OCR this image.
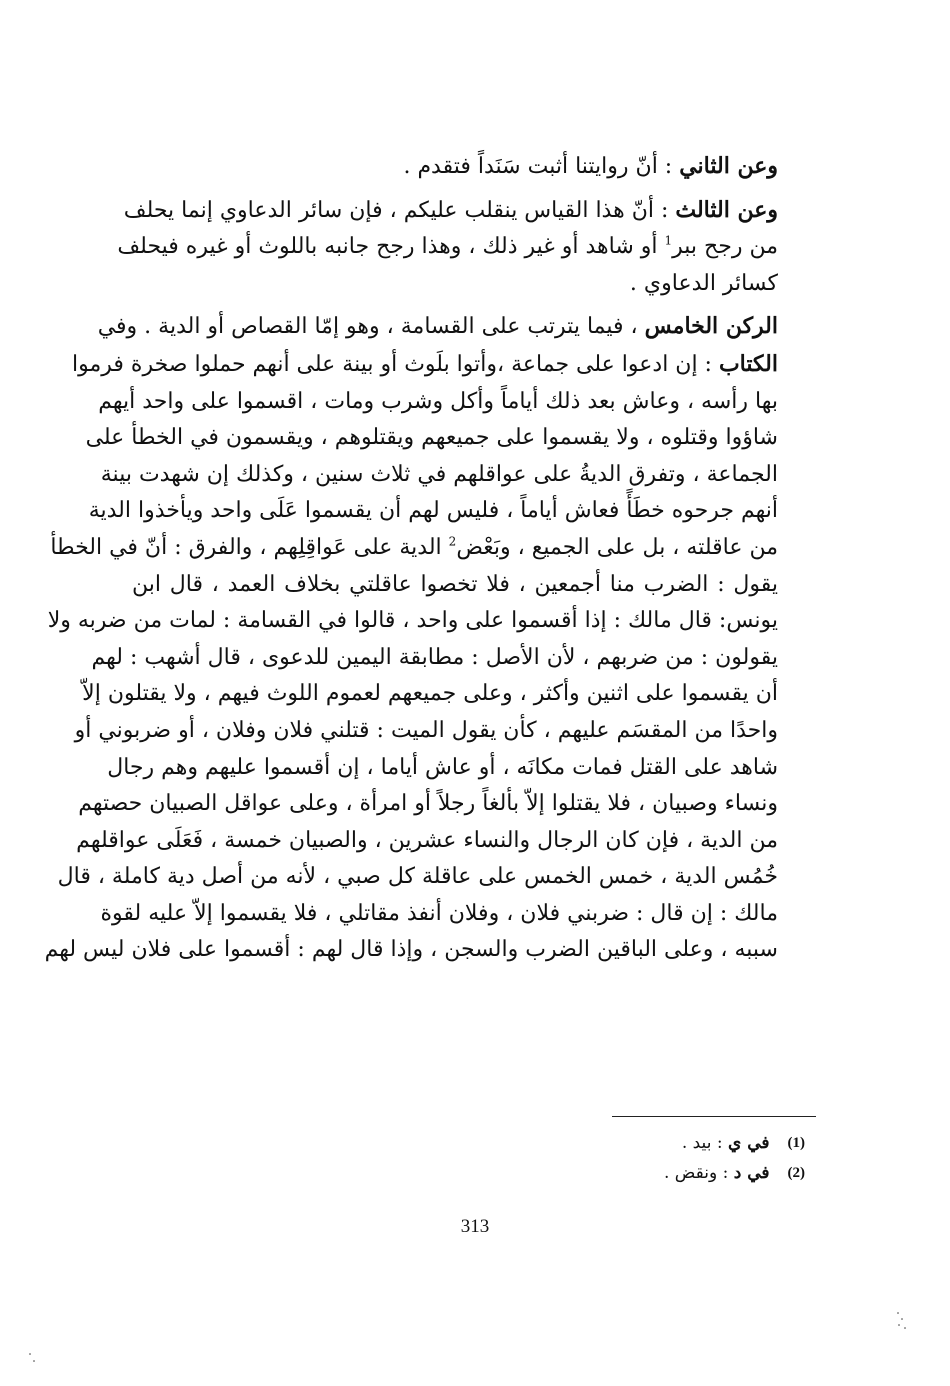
وعن الثاني : أنّ روايتنا أثبت سَنَداً فتقدم .

وعن الثالث : أنّ هذا القياس ينقلب عليكم ، فإن سائر الدعاوي إنما يحلف
من رجح ببر$^1$ أو شاهد أو غير ذلك ، وهذا رجح جانبه باللوث أو غيره فيحلف
كسائر الدعاوي .

الركن الخامس ، فيما يترتب على القسامة ، وهو إمّا القصاص أو الدية . وفي
الكتاب : إن ادعوا على جماعة ،وأتوا بلَوث أو بينة على أنهم حملوا صخرة فرموا
بها رأسه ، وعاش بعد ذلك أياماً وأكل وشرب ومات ، اقسموا على واحد أيهم
شاؤوا وقتلوه ، ولا يقسموا على جميعهم ويقتلوهم ، ويقسمون في الخطأ على
الجماعة ، وتفرق الديةُ على عواقلهم في ثلاث سنين ، وكذلك إن شهدت بينة
أنهم جرحوه خطَأً فعاش أياماً ، فليس لهم أن يقسموا عَلَى واحد ويأخذوا الدية
من عاقلته ، بل على الجميع ، وبَعْض$^2$ الدية على عَواقِلِهم ، والفرق : أنّ في الخطأ
يقول : الضرب منا أجمعين ، فلا تخصوا عاقلتي بخلاف العمد ، قال ابن
يونس: قال مالك : إذا أقسموا على واحد ، قالوا في القسامة : لمات من ضربه ولا
يقولون : من ضربهم ، لأن الأصل : مطابقة اليمين للدعوى ، قال أشهب : لهم
أن يقسموا على اثنين وأكثر ، وعلى جميعهم لعموم اللوث فيهم ، ولا يقتلون إلاّ
واحدًا من المقسَم عليهم ، كأن يقول الميت : قتلني فلان وفلان ، أو ضربوني أو
شاهد على القتل فمات مكانَه ، أو عاش أياما ، إن أقسموا عليهم وهم رجال
ونساء وصبيان ، فلا يقتلوا إلاّ بألغاً رجلاً أو امرأة ، وعلى عواقل الصبيان حصتهم
من الدية ، فإن كان الرجال والنساء عشرين ، والصبيان خمسة ، فَعَلَى عواقلهم
خُمُس الدية ، خمس الخمس على عاقلة كل صبي ، لأنه من أصل دية كاملة ، قال
مالك : إن قال : ضربني فلان ، وفلان أنفذ مقاتلي ، فلا يقسموا إلاّ عليه لقوة
سببه ، وعلى الباقين الضرب والسجن ، وإذا قال لهم : أقسموا على فلان ليس لهم

(1)
في ي : بيد .
(2)
في د : ونقض .
313
